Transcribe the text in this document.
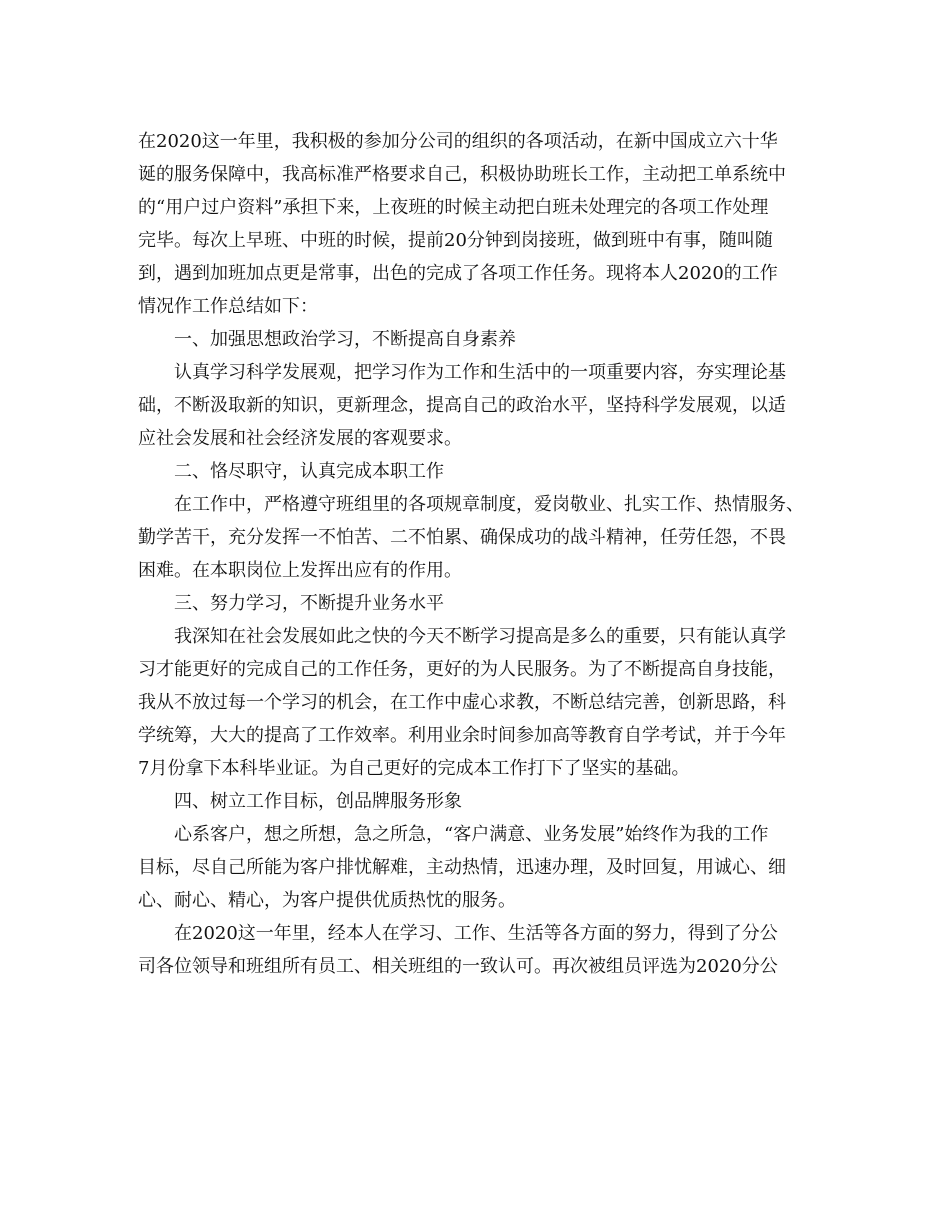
在2020这一年里，我积极的参加分公司的组织的各项活动，在新中国成立六十华

诞的服务保障中，我高标准严格要求自己，积极协助班长工作，主动把工单系统中

的“用户过户资料”承担下来，上夜班的时候主动把白班未处理完的各项工作处理

完毕。每次上早班、中班的时候，提前20分钟到岗接班，做到班中有事，随叫随

到，遇到加班加点更是常事，出色的完成了各项工作任务。现将本人2020的工作

情况作工作总结如下：

一、加强思想政治学习，不断提高自身素养

认真学习科学发展观，把学习作为工作和生活中的一项重要内容，夯实理论基

础，不断汲取新的知识，更新理念，提高自己的政治水平，坚持科学发展观，以适

应社会发展和社会经济发展的客观要求。

二、恪尽职守，认真完成本职工作

在工作中，严格遵守班组里的各项规章制度，爱岗敬业、扎实工作、热情服务、

勤学苦干，充分发挥一不怕苦、二不怕累、确保成功的战斗精神，任劳任怨，不畏

困难。在本职岗位上发挥出应有的作用。

三、努力学习，不断提升业务水平

我深知在社会发展如此之快的今天不断学习提高是多么的重要，只有能认真学

习才能更好的完成自己的工作任务，更好的为人民服务。为了不断提高自身技能，

我从不放过每一个学习的机会，在工作中虚心求教，不断总结完善，创新思路，科

学统筹，大大的提高了工作效率。利用业余时间参加高等教育自学考试，并于今年

7月份拿下本科毕业证。为自己更好的完成本工作打下了坚实的基础。

四、树立工作目标，创品牌服务形象

心系客户，想之所想，急之所急，“客户满意、业务发展”始终作为我的工作

目标，尽自己所能为客户排忧解难，主动热情，迅速办理，及时回复，用诚心、细

心、耐心、精心，为客户提供优质热忱的服务。

在2020这一年里，经本人在学习、工作、生活等各方面的努力，得到了分公

司各位领导和班组所有员工、相关班组的一致认可。再次被组员评选为2020分公
